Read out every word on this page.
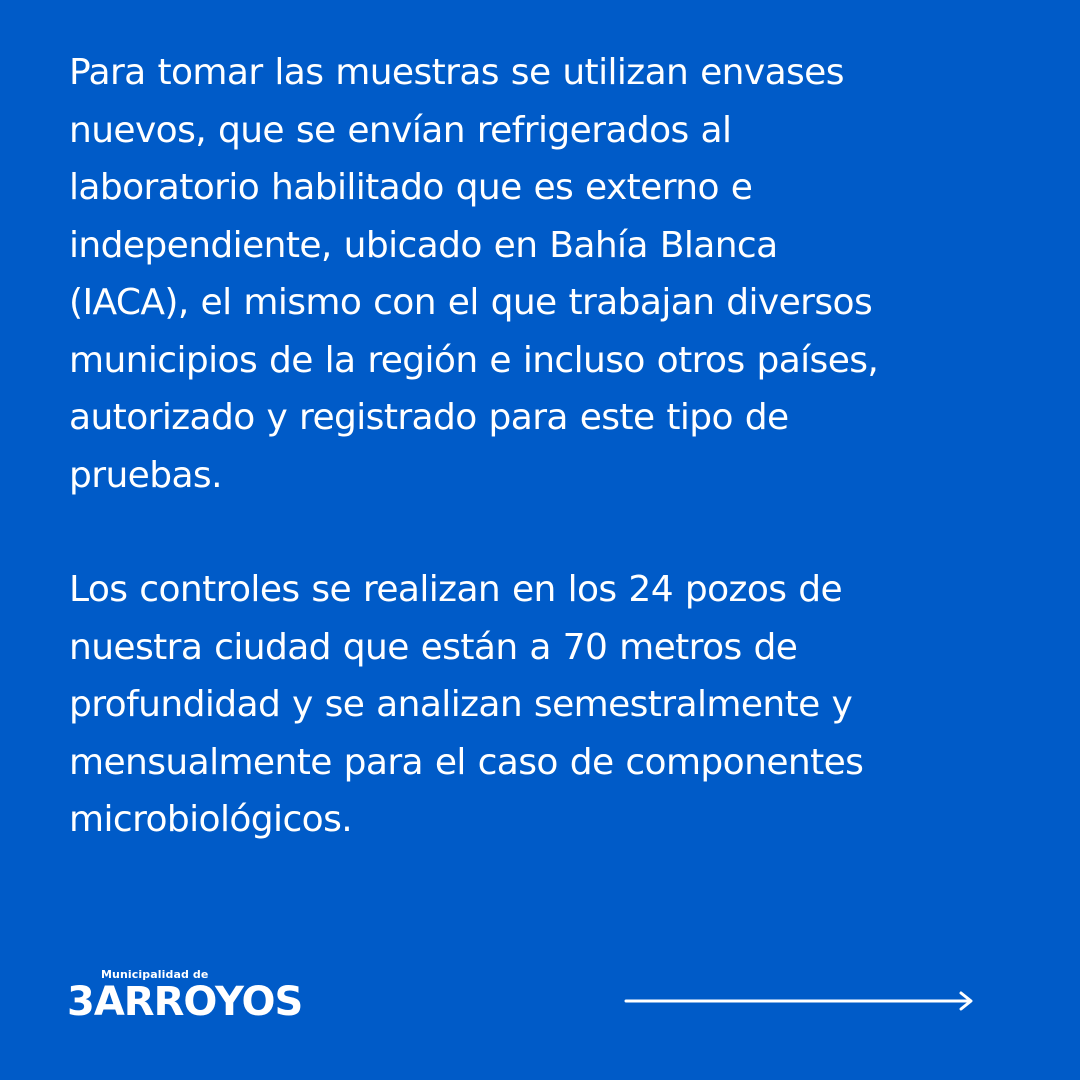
Para tomar las muestras se utilizan envases
nuevos, que se envían refrigerados al
laboratorio habilitado que es externo e
independiente, ubicado en Bahía Blanca
(IACA), el mismo con el que trabajan diversos
municipios de la región e incluso otros países,
autorizado y registrado para este tipo de
pruebas.

Los controles se realizan en los 24 pozos de
nuestra ciudad que están a 70 metros de
profundidad y se analizan semestralmente y
mensualmente para el caso de componentes
microbiológicos.

Municipalidad de
3ARROYOS
